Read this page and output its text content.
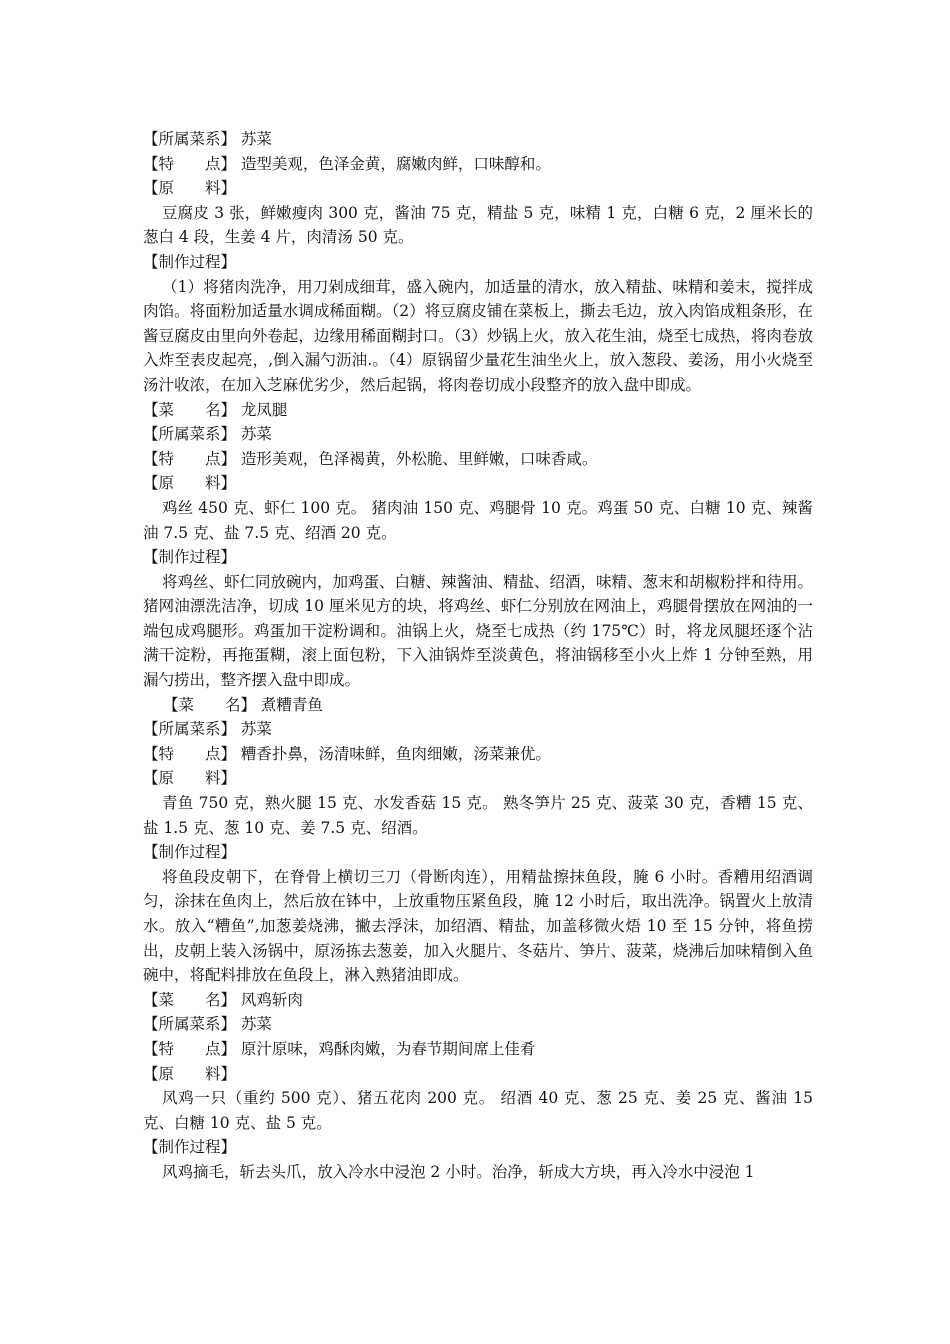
【所属菜系】 苏菜
【特　　点】 造型美观，色泽金黄，腐嫩肉鲜，口味醇和。
【原　　料】
豆腐皮 3 张，鲜嫩瘦肉 300 克，酱油 75 克，精盐 5 克，味精 1 克，白糖 6 克，2 厘米长的葱白 4 段，生姜 4 片，肉清汤 50 克。
【制作过程】
（1）将猪肉洗净，用刀剁成细茸，盛入碗内，加适量的清水，放入精盐、味精和姜末，搅拌成肉馅。将面粉加适量水调成稀面糊。（2）将豆腐皮铺在菜板上，撕去毛边，放入肉馅成粗条形，在酱豆腐皮由里向外卷起，边缘用稀面糊封口。（3）炒锅上火，放入花生油，烧至七成热，将肉卷放入炸至表皮起亮，,倒入漏勺沥油.。（4）原锅留少量花生油坐火上，放入葱段、姜汤，用小火烧至汤汁收浓，在加入芝麻优劣少，然后起锅，将肉卷切成小段整齐的放入盘中即成。
【菜　　名】 龙凤腿
【所属菜系】 苏菜
【特　　点】 造形美观，色泽褐黄，外松脆、里鲜嫩，口味香咸。
【原　　料】
鸡丝 450 克、虾仁 100 克。 猪肉油 150 克、鸡腿骨 10 克。鸡蛋 50 克、白糖 10 克、辣酱油 7.5 克、盐 7.5 克、绍酒 20 克。
【制作过程】
将鸡丝、虾仁同放碗内，加鸡蛋、白糖、辣酱油、精盐、绍酒，味精、葱末和胡椒粉拌和待用。猪网油漂洗洁净，切成 10 厘米见方的块，将鸡丝、虾仁分别放在网油上，鸡腿骨摆放在网油的一端包成鸡腿形。鸡蛋加干淀粉调和。油锅上火，烧至七成热（约 175℃）时，将龙凤腿坯逐个沾满干淀粉，再拖蛋糊，滚上面包粉，下入油锅炸至淡黄色，将油锅移至小火上炸 1 分钟至熟，用漏勺捞出，整齐摆入盘中即成。
【菜　　名】 煮糟青鱼
【所属菜系】 苏菜
【特　　点】 糟香扑鼻，汤清味鲜，鱼肉细嫩，汤菜兼优。
【原　　料】
青鱼 750 克，熟火腿 15 克、水发香菇 15 克。 熟冬笋片 25 克、菠菜 30 克，香糟 15 克、盐 1.5 克、葱 10 克、姜 7.5 克、绍酒。
【制作过程】
将鱼段皮朝下，在脊骨上横切三刀（骨断肉连），用精盐擦抹鱼段，腌 6 小时。香糟用绍酒调匀，涂抹在鱼肉上，然后放在钵中，上放重物压紧鱼段，腌 12 小时后，取出洗净。锅置火上放清水。放入“糟鱼”,加葱姜烧沸，撇去浮沫，加绍酒、精盐，加盖移微火焐 10 至 15 分钟，将鱼捞出，皮朝上装入汤锅中，原汤拣去葱姜，加入火腿片、冬菇片、笋片、菠菜，烧沸后加味精倒入鱼碗中，将配料排放在鱼段上，淋入熟猪油即成。
【菜　　名】 风鸡斩肉
【所属菜系】 苏菜
【特　　点】 原汁原味，鸡酥肉嫩，为春节期间席上佳肴
【原　　料】
风鸡一只（重约 500 克）、猪五花肉 200 克。 绍酒 40 克、葱 25 克、姜 25 克、酱油 15 克、白糖 10 克、盐 5 克。
【制作过程】
风鸡摘毛，斩去头爪，放入冷水中浸泡 2 小时。治净，斩成大方块，再入冷水中浸泡 1
